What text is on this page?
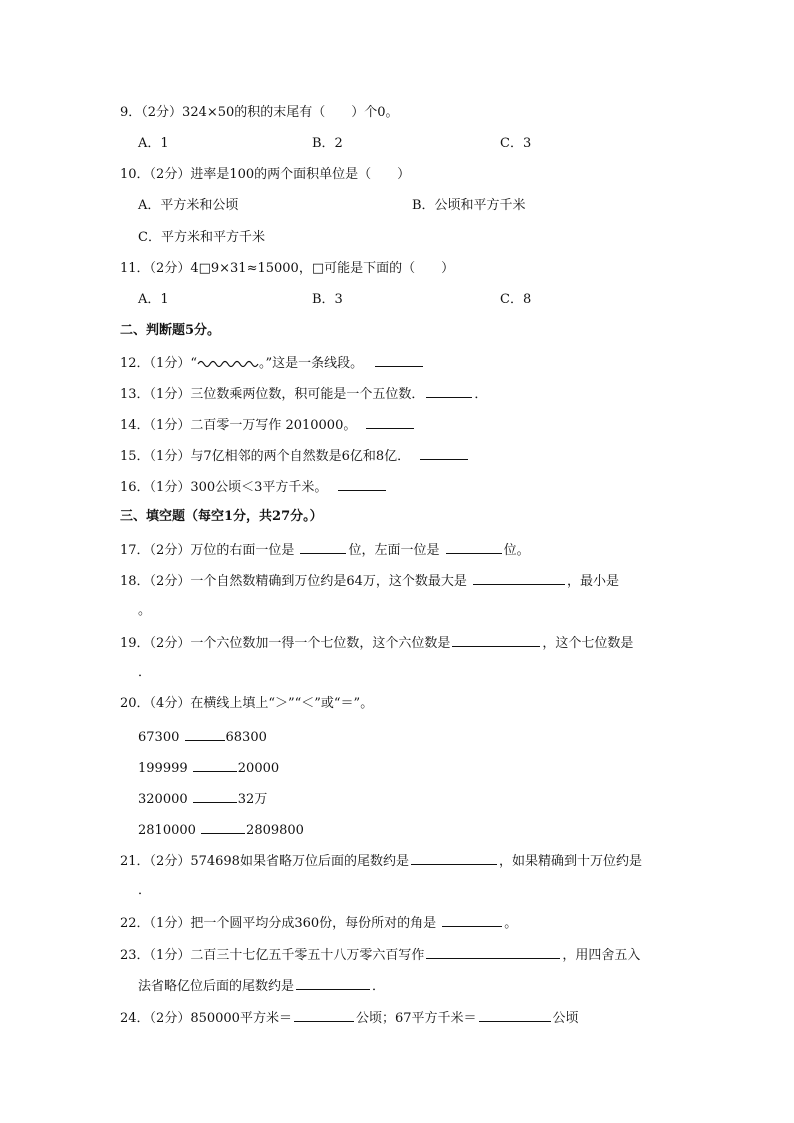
9．（2分）324×50的积的末尾有（　　）个0。
A．1	B．2	C．3
10．（2分）进率是100的两个面积单位是（　　）
A．平方米和公顷	B．公顷和平方千米
C．平方米和平方千米
11．（2分）4□9×31≈15000，□可能是下面的（　　）
A．1	B．3	C．8
二、判断题5分。
12．（1分）“	。”这是一条线段。
13．（1分）三位数乘两位数，积可能是一个五位数．	．
14．（1分）二百零一万写作 2010000。
15．（1分）与7亿相邻的两个自然数是6亿和8亿．
16．（1分）300公顷＜3平方千米。
三、填空题（每空1分，共27分。）
17．（2分）万位的右面一位是	位，左面一位是	位。
18．（2分）一个自然数精确到万位约是64万，这个数最大是	，最小是
。
19．（2分）一个六位数加一得一个七位数，这个六位数是	，这个七位数是
．
20．（4分）在横线上填上“＞”“＜”或“＝”。
67300	68300
199999	20000
320000	32万
2810000	2809800
21．（2分）574698如果省略万位后面的尾数约是	，如果精确到十万位约是
．
22．（1分）把一个圆平均分成360份，每份所对的角是	。
23．（1分）二百三十七亿五千零五十八万零六百写作	，用四舍五入
法省略亿位后面的尾数约是	．
24．（2分）850000平方米＝	公顷；67平方千米＝	公顷
